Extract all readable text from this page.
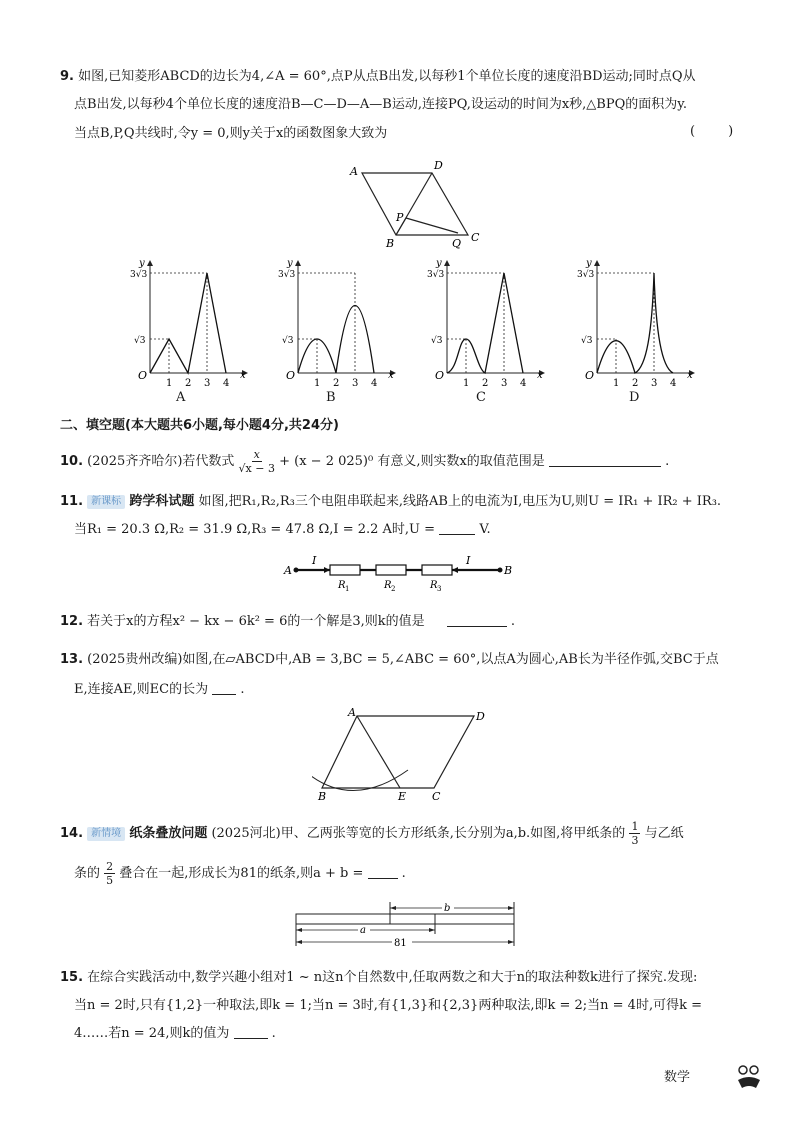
9. 如图,已知菱形ABCD的边长为4,∠A = 60°,点P从点B出发,以每秒1个单位长度的速度沿BD运动;同时点Q从
点B出发,以每秒4个单位长度的速度沿B—C—D—A—B运动,连接PQ,设运动的时间为x秒,△BPQ的面积为y.
当点B,P,Q共线时,令y = 0,则y关于x的函数图象大致为	(        )
A	D
B	C
P
Q
y
x
O
3√3
√3
1 2 3 4
y
x
O
3√3
√3
1 2 3 4
y
x
O
3√3
√3
1 2 3 4
y
x
O
3√3
√3
1 2 3 4
A	B	C	D
二、填空题(本大题共6小题,每小题4分,共24分)
10. (2025齐齐哈尔)若代数式 $\frac{x}{√x - 3} + (x - 2$ 025)⁰ 有意义,则实数x的取值范围是	.
11. 新课标 跨学科试题 如图,把R₁,R₂,R₃三个电阻串联起来,线路AB上的电流为I,电压为U,则U = IR₁ + IR₂ + IR₃.
当R₁ = 20.3 Ω,R₂ = 31.9 Ω,R₃ = 47.8 Ω,I = 2.2 A时,U =	V.
A	B
I	I
R 1	R 2	R 3
12. 若关于x的方程x² − kx − 6k² = 6的一个解是3,则k的值是	.
13. (2025贵州改编)如图,在▱ABCD中,AB = 3,BC = 5,∠ABC = 60°,以点A为圆心,AB长为半径作弧,交BC于点
E,连接AE,则EC的长为 .
A	D
B	E C
14. 新情境 纸条叠放问题 (2025河北)甲、乙两张等宽的长方形纸条,长分别为a,b.如图,将甲纸条的 $\frac{1}{3}$ 与乙纸
条的 $\frac{2}{5}$ 叠合在一起,形成长为81的纸条,则a + b =	.
b
a
81
15. 在综合实践活动中,数学兴趣小组对1 ~ n这n个自然数中,任取两数之和大于n的取法种数k进行了探究.发现:
当n = 2时,只有{1,2}一种取法,即k = 1;当n = 3时,有{1,3}和{2,3}两种取法,即k = 2;当n = 4时,可得k =
4……若n = 24,则k的值为	.
数学
